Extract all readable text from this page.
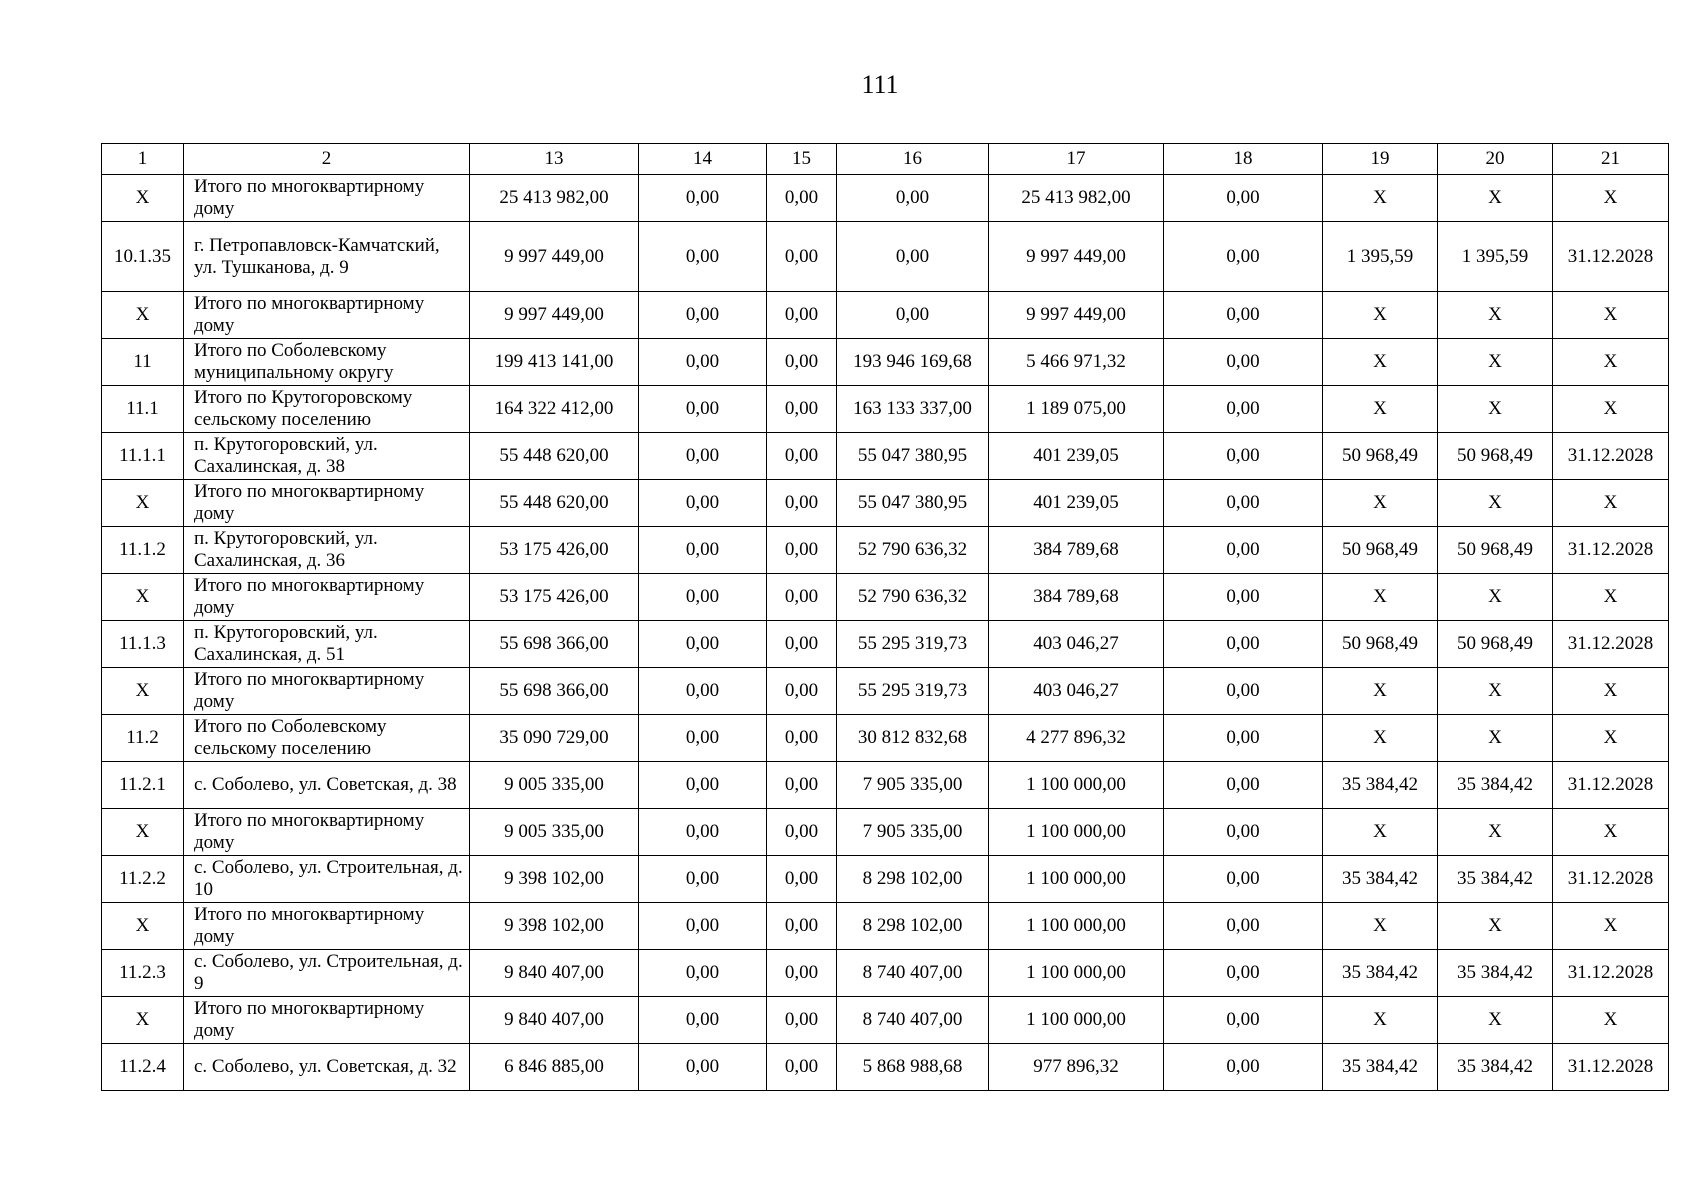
111
1	2	13	14	15	16	17	18	19	20	21
Х	Итого по многоквартирному дому	25 413 982,00	0,00	0,00	0,00	25 413 982,00	0,00	Х	Х	Х
10.1.35	г. Петропавловск-Камчатский, ул. Тушканова, д. 9	9 997 449,00	0,00	0,00	0,00	9 997 449,00	0,00	1 395,59	1 395,59	31.12.2028
Х	Итого по многоквартирному дому	9 997 449,00	0,00	0,00	0,00	9 997 449,00	0,00	Х	Х	Х
11	Итого по Соболевскому муниципальному округу	199 413 141,00	0,00	0,00	193 946 169,68	5 466 971,32	0,00	Х	Х	Х
11.1	Итого по Крутогоровскому сельскому поселению	164 322 412,00	0,00	0,00	163 133 337,00	1 189 075,00	0,00	Х	Х	Х
11.1.1	п. Крутогоровский, ул. Сахалинская, д. 38	55 448 620,00	0,00	0,00	55 047 380,95	401 239,05	0,00	50 968,49	50 968,49	31.12.2028
Х	Итого по многоквартирному дому	55 448 620,00	0,00	0,00	55 047 380,95	401 239,05	0,00	Х	Х	Х
11.1.2	п. Крутогоровский, ул. Сахалинская, д. 36	53 175 426,00	0,00	0,00	52 790 636,32	384 789,68	0,00	50 968,49	50 968,49	31.12.2028
Х	Итого по многоквартирному дому	53 175 426,00	0,00	0,00	52 790 636,32	384 789,68	0,00	Х	Х	Х
11.1.3	п. Крутогоровский, ул. Сахалинская, д. 51	55 698 366,00	0,00	0,00	55 295 319,73	403 046,27	0,00	50 968,49	50 968,49	31.12.2028
Х	Итого по многоквартирному дому	55 698 366,00	0,00	0,00	55 295 319,73	403 046,27	0,00	Х	Х	Х
11.2	Итого по Соболевскому сельскому поселению	35 090 729,00	0,00	0,00	30 812 832,68	4 277 896,32	0,00	Х	Х	Х
11.2.1	с. Соболево, ул. Советская, д. 38	9 005 335,00	0,00	0,00	7 905 335,00	1 100 000,00	0,00	35 384,42	35 384,42	31.12.2028
Х	Итого по многоквартирному дому	9 005 335,00	0,00	0,00	7 905 335,00	1 100 000,00	0,00	Х	Х	Х
11.2.2	с. Соболево, ул. Строительная, д. 10	9 398 102,00	0,00	0,00	8 298 102,00	1 100 000,00	0,00	35 384,42	35 384,42	31.12.2028
Х	Итого по многоквартирному дому	9 398 102,00	0,00	0,00	8 298 102,00	1 100 000,00	0,00	Х	Х	Х
11.2.3	с. Соболево, ул. Строительная, д. 9	9 840 407,00	0,00	0,00	8 740 407,00	1 100 000,00	0,00	35 384,42	35 384,42	31.12.2028
Х	Итого по многоквартирному дому	9 840 407,00	0,00	0,00	8 740 407,00	1 100 000,00	0,00	Х	Х	Х
11.2.4	с. Соболево, ул. Советская, д. 32	6 846 885,00	0,00	0,00	5 868 988,68	977 896,32	0,00	35 384,42	35 384,42	31.12.2028
